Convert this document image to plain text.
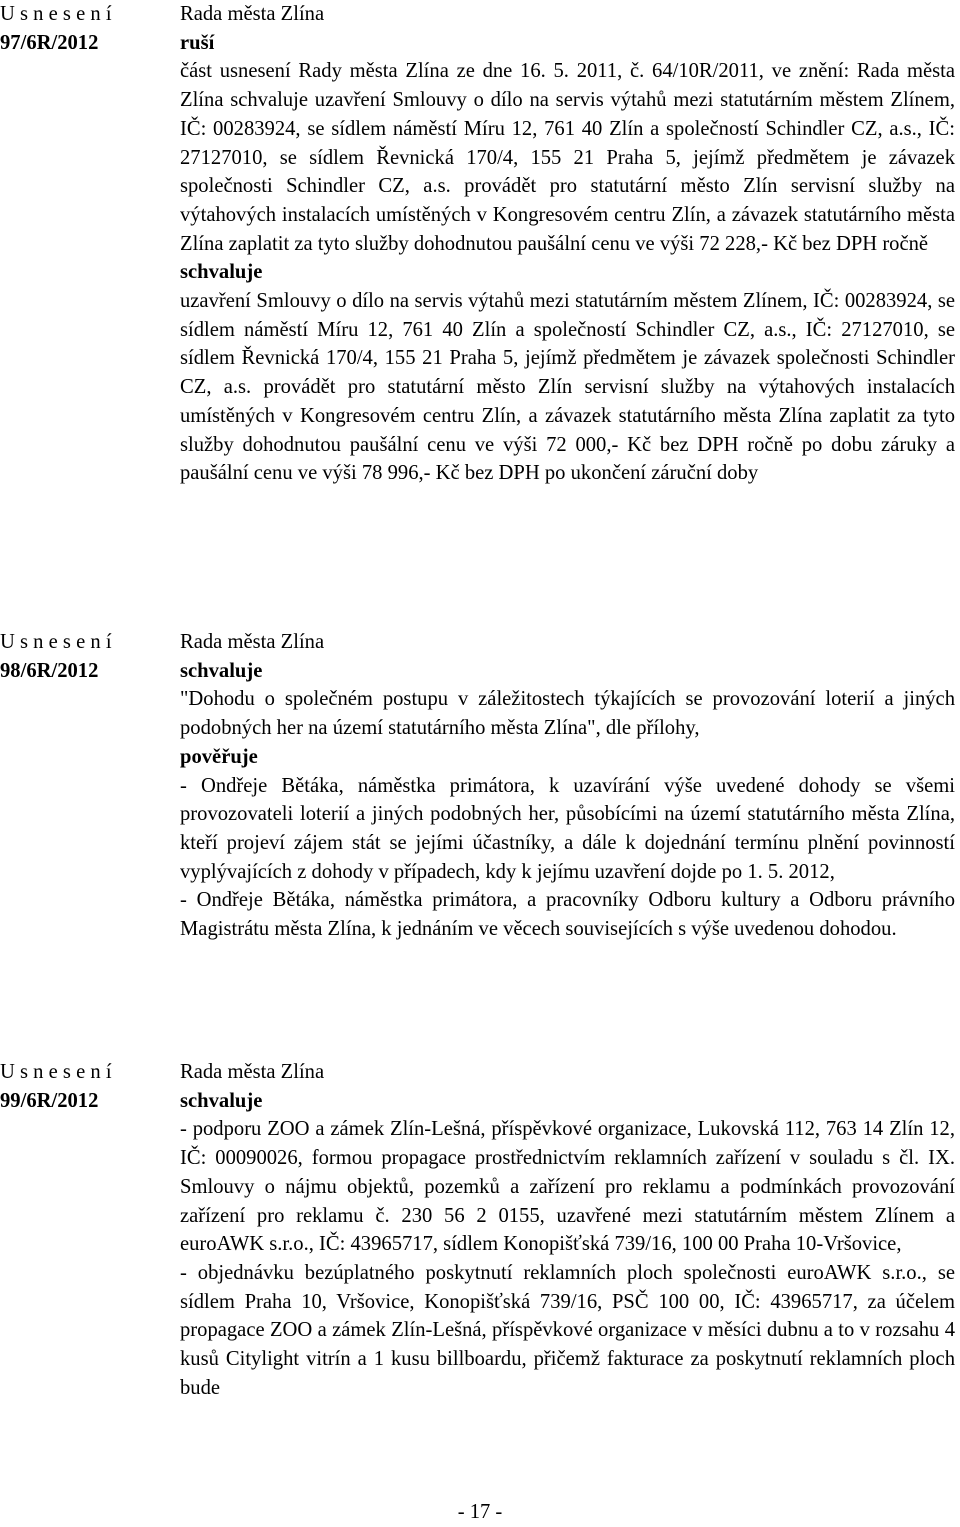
U s n e s e n í
97/6R/2012
Rada města Zlína
ruší

část usnesení Rady města Zlína ze dne 16. 5. 2011, č. 64/10R/2011, ve znění: Rada města Zlína schvaluje uzavření Smlouvy o dílo na servis výtahů mezi statutárním městem Zlínem, IČ: 00283924, se sídlem náměstí Míru 12, 761 40 Zlín a společností Schindler CZ, a.s., IČ: 27127010, se sídlem Řevnická 170/4, 155 21 Praha 5, jejímž předmětem je závazek společnosti Schindler CZ, a.s. provádět pro statutární město Zlín servisní služby na výtahových instalacích umístěných v Kongresovém centru Zlín, a závazek statutárního města Zlína zaplatit za tyto služby dohodnutou paušální cenu ve výši 72 228,- Kč bez DPH ročně

schvaluje

uzavření Smlouvy o dílo na servis výtahů mezi statutárním městem Zlínem, IČ: 00283924, se sídlem náměstí Míru 12, 761 40 Zlín a společností Schindler CZ, a.s., IČ: 27127010, se sídlem Řevnická 170/4, 155 21 Praha 5, jejímž předmětem je závazek společnosti Schindler CZ, a.s. provádět pro statutární město Zlín servisní služby na výtahových instalacích umístěných v Kongresovém centru Zlín, a závazek statutárního města Zlína zaplatit za tyto služby dohodnutou paušální cenu ve výši 72 000,- Kč bez DPH ročně po dobu záruky a paušální cenu ve výši 78 996,- Kč bez DPH po ukončení záruční doby

U s n e s e n í
98/6R/2012
Rada města Zlína
schvaluje

"Dohodu o společném postupu v záležitostech týkajících se provozování loterií a jiných podobných her na území statutárního města Zlína", dle přílohy,

pověřuje

- Ondřeje Bětáka, náměstka primátora, k uzavírání výše uvedené dohody se všemi provozovateli loterií a jiných podobných her, působícími na území statutárního města Zlína, kteří projeví zájem stát se jejími účastníky, a dále k dojednání termínu plnění povinností vyplývajících z dohody v případech, kdy k jejímu uzavření dojde po 1. 5. 2012,

- Ondřeje Bětáka, náměstka primátora, a pracovníky Odboru kultury a Odboru právního Magistrátu města Zlína, k jednáním ve věcech souvisejících s výše uvedenou dohodou.

U s n e s e n í
99/6R/2012
Rada města Zlína
schvaluje

- podporu ZOO a zámek Zlín-Lešná, příspěvkové organizace, Lukovská 112, 763 14 Zlín 12, IČ: 00090026, formou propagace prostřednictvím reklamních zařízení v souladu s čl. IX. Smlouvy o nájmu objektů, pozemků a zařízení pro reklamu a podmínkách provozování zařízení pro reklamu č. 230 56 2 0155, uzavřené mezi statutárním městem Zlínem a euroAWK s.r.o., IČ: 43965717, sídlem Konopišťská 739/16, 100 00 Praha 10-Vršovice,

- objednávku bezúplatného poskytnutí reklamních ploch společnosti euroAWK s.r.o., se sídlem Praha 10, Vršovice, Konopišťská 739/16, PSČ 100 00, IČ: 43965717, za účelem propagace ZOO a zámek Zlín-Lešná, příspěvkové organizace v měsíci dubnu a to v rozsahu 4 kusů Citylight vitrín a 1 kusu billboardu, přičemž fakturace za poskytnutí reklamních ploch bude

- 17 -
